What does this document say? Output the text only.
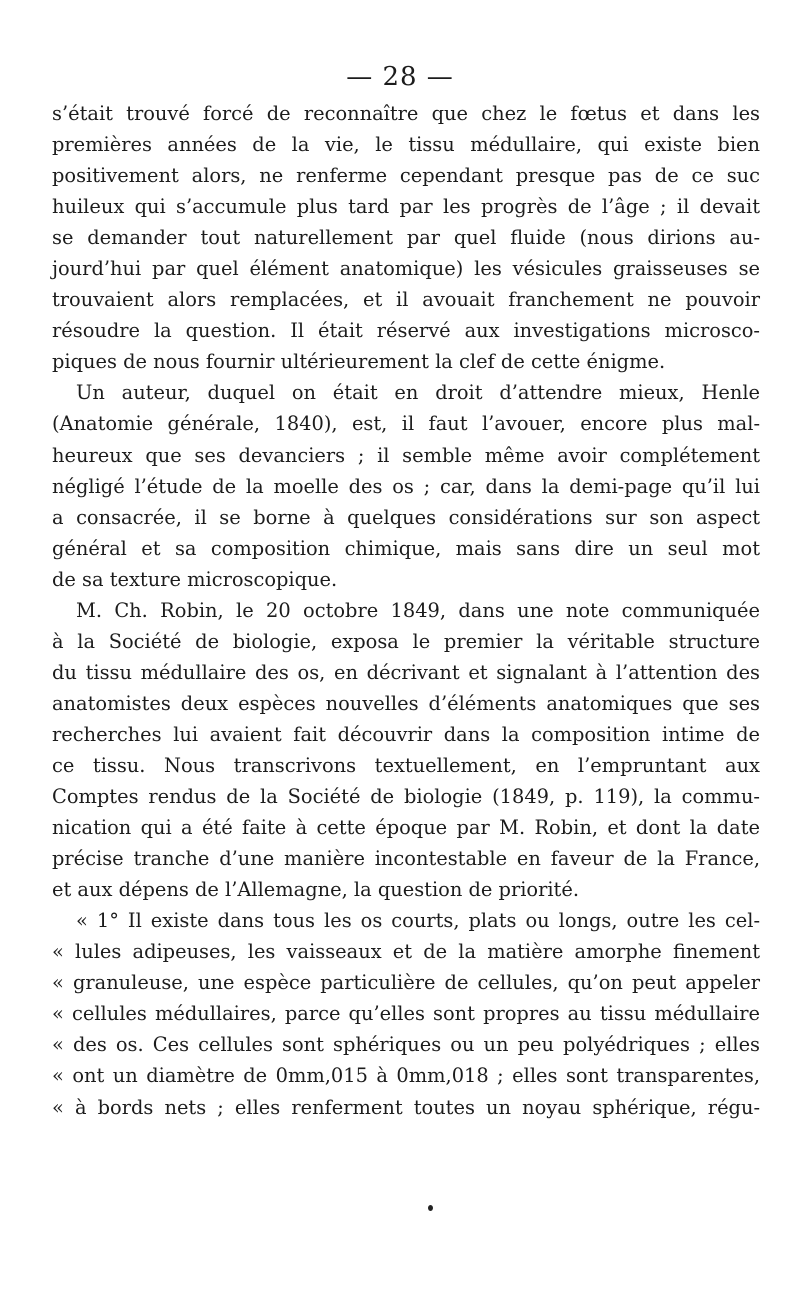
— 28 —
s’était trouvé forcé de reconnaître que chez le fœtus et dans les
premières années de la vie, le tissu médullaire, qui existe bien
positivement alors, ne renferme cependant presque pas de ce suc
huileux qui s’accumule plus tard par les progrès de l’âge ; il devait
se demander tout naturellement par quel fluide (nous dirions au-
jourd’hui par quel élément anatomique) les vésicules graisseuses se
trouvaient alors remplacées, et il avouait franchement ne pouvoir
résoudre la question. Il était réservé aux investigations microsco-
piques de nous fournir ultérieurement la clef de cette énigme.
Un auteur, duquel on était en droit d’attendre mieux, Henle
(Anatomie générale, 1840), est, il faut l’avouer, encore plus mal-
heureux que ses devanciers ; il semble même avoir complétement
négligé l’étude de la moelle des os ; car, dans la demi-page qu’il lui
a consacrée, il se borne à quelques considérations sur son aspect
général et sa composition chimique, mais sans dire un seul mot
de sa texture microscopique.
M. Ch. Robin, le 20 octobre 1849, dans une note communiquée
à la Société de biologie, exposa le premier la véritable structure
du tissu médullaire des os, en décrivant et signalant à l’attention des
anatomistes deux espèces nouvelles d’éléments anatomiques que ses
recherches lui avaient fait découvrir dans la composition intime de
ce tissu. Nous transcrivons textuellement, en l’empruntant aux
Comptes rendus de la Société de biologie (1849, p. 119), la commu-
nication qui a été faite à cette époque par M. Robin, et dont la date
précise tranche d’une manière incontestable en faveur de la France,
et aux dépens de l’Allemagne, la question de priorité.
« 1° Il existe dans tous les os courts, plats ou longs, outre les cel-
« lules adipeuses, les vaisseaux et de la matière amorphe finement
« granuleuse, une espèce particulière de cellules, qu’on peut appeler
« cellules médullaires, parce qu’elles sont propres au tissu médullaire
« des os. Ces cellules sont sphériques ou un peu polyédriques ; elles
« ont un diamètre de 0mm,015 à 0mm,018 ; elles sont transparentes,
« à bords nets ; elles renferment toutes un noyau sphérique, régu-
